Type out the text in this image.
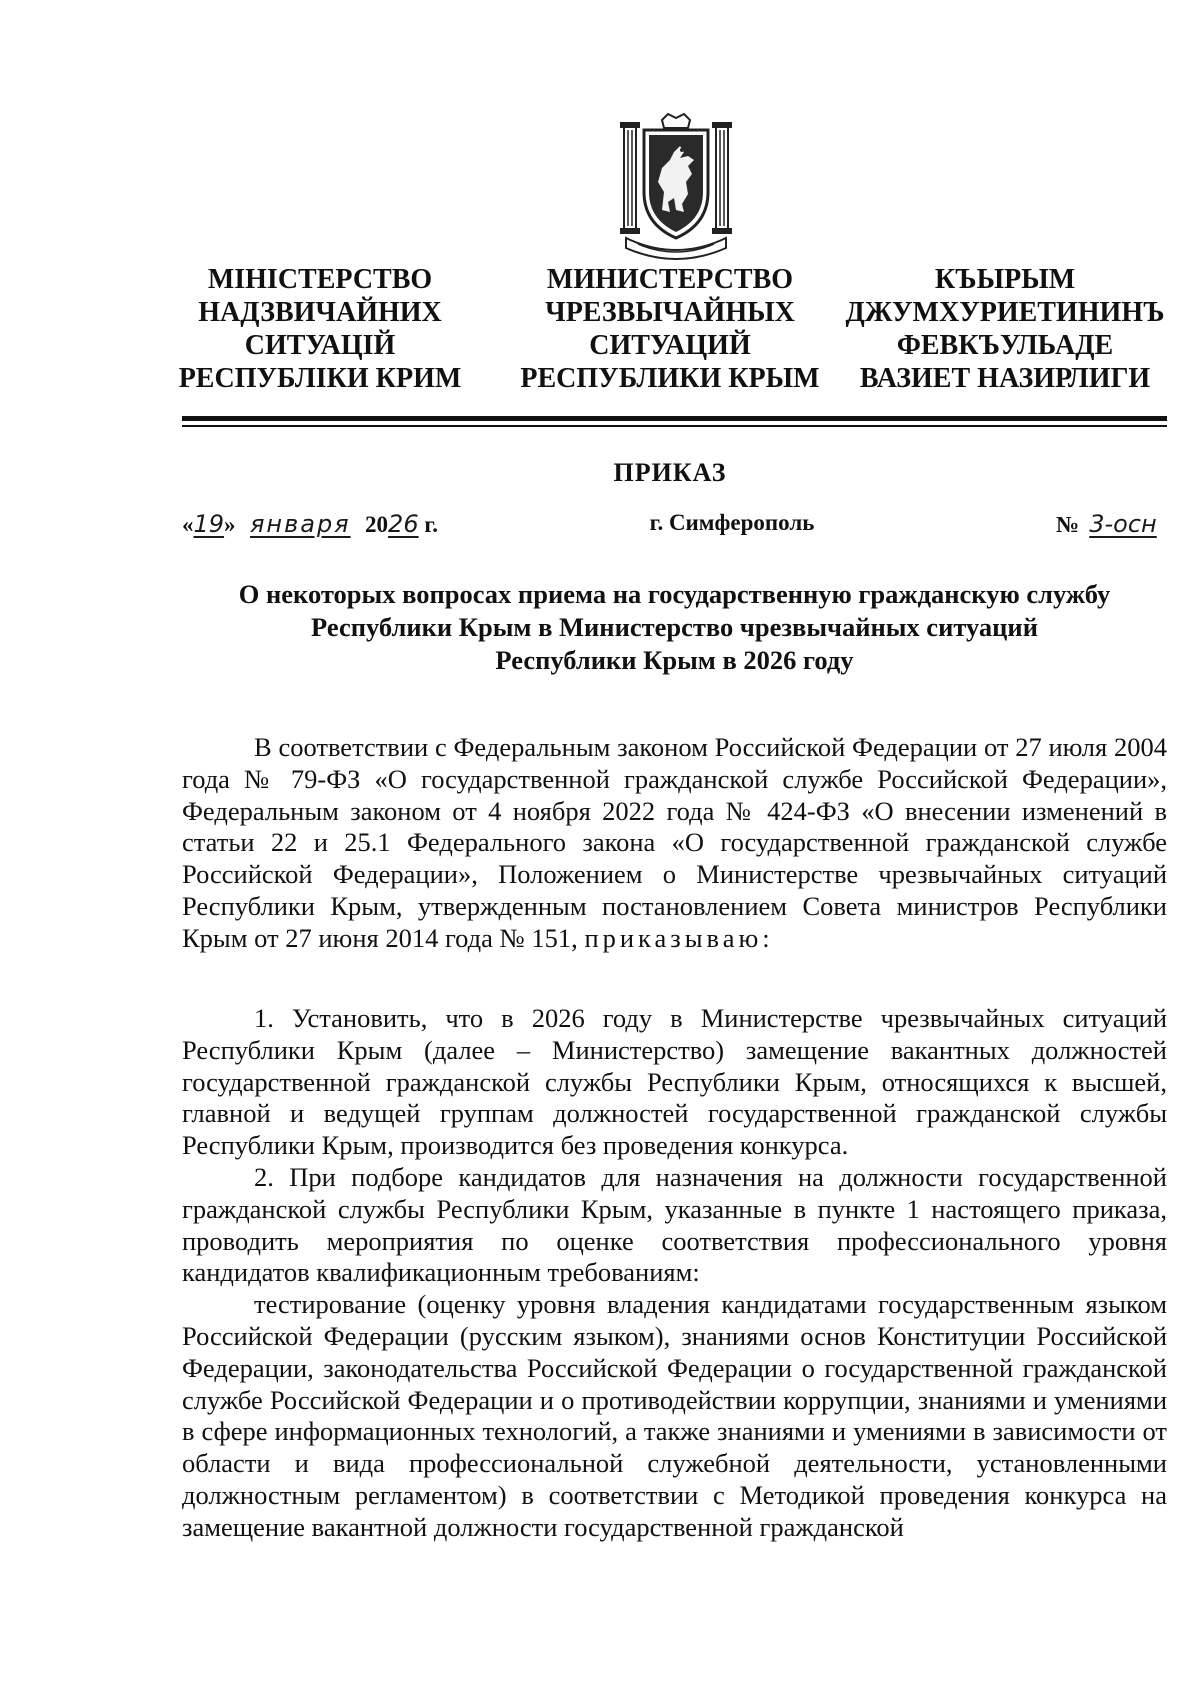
МІНІСТЕРСТВО
НАДЗВИЧАЙНИХ
СИТУАЦІЙ
РЕСПУБЛІКИ КРИМ
МИНИСТЕРСТВО
ЧРЕЗВЫЧАЙНЫХ
СИТУАЦИЙ
РЕСПУБЛИКИ КРЫМ
КЪЫРЫМ
ДЖУМХУРИЕТИНИНЪ
ФЕВКЪУЛЬАДЕ
ВАЗИЕТ НАЗИРЛИГИ
ПРИКАЗ
«19» января 2026 г.	г. Симферополь	№ 3-осн
О некоторых вопросах приема на государственную гражданскую службу
Республики Крым в Министерство чрезвычайных ситуаций
Республики Крым в 2026 году

В соответствии с Федеральным законом Российской Федерации от 27 июля 2004 года № 79-ФЗ «О государственной гражданской службе Российской Федерации», Федеральным законом от 4 ноября 2022 года № 424-ФЗ «О внесении изменений в статьи 22 и 25.1 Федерального закона «О государственной гражданской службе Российской Федерации», Положением о Министерстве чрезвычайных ситуаций Республики Крым, утвержденным постановлением Совета министров Республики Крым от 27 июня 2014 года № 151, приказываю:

1. Установить, что в 2026 году в Министерстве чрезвычайных ситуаций Республики Крым (далее – Министерство) замещение вакантных должностей государственной гражданской службы Республики Крым, относящихся к высшей, главной и ведущей группам должностей государственной гражданской службы Республики Крым, производится без проведения конкурса.

2. При подборе кандидатов для назначения на должности государственной гражданской службы Республики Крым, указанные в пункте 1 настоящего приказа, проводить мероприятия по оценке соответствия профессионального уровня кандидатов квалификационным требованиям:

тестирование (оценку уровня владения кандидатами государственным языком Российской Федерации (русским языком), знаниями основ Конституции Российской Федерации, законодательства Российской Федерации о государственной гражданской службе Российской Федерации и о противодействии коррупции, знаниями и умениями в сфере информационных технологий, а также знаниями и умениями в зависимости от области и вида профессиональной служебной деятельности, установленными должностным регламентом) в соответствии с Методикой проведения конкурса на замещение вакантной должности государственной гражданской
